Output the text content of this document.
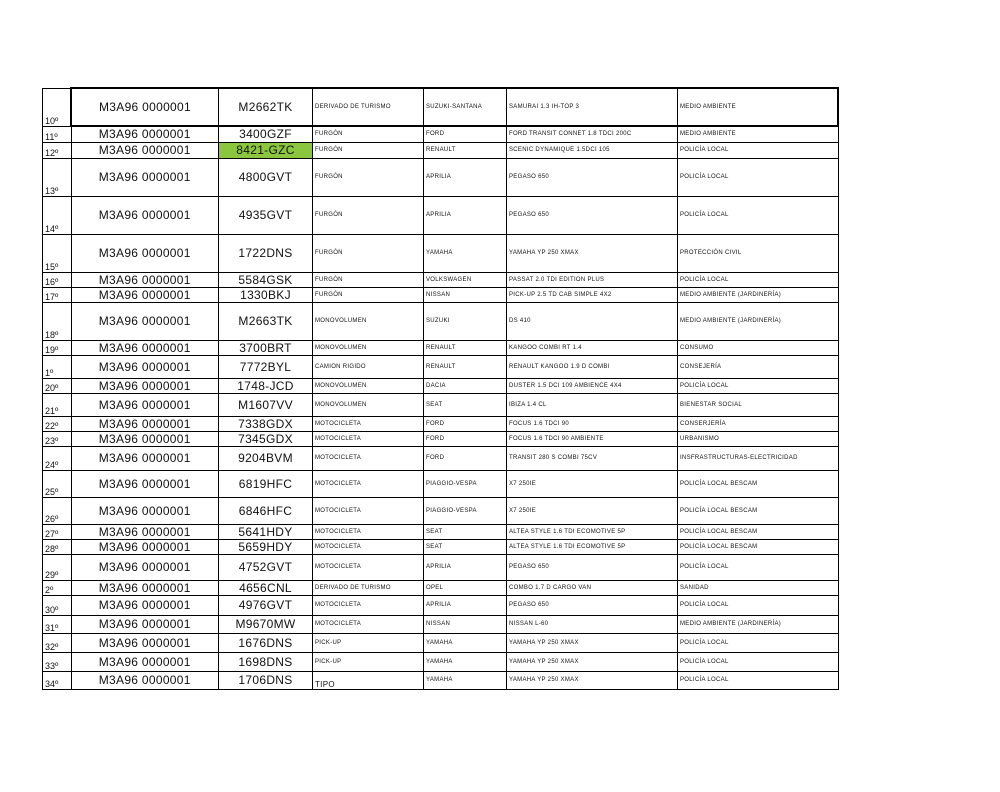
10º	M3A96 0000001	M2662TK	DERIVADO DE TURISMO	SUZUKI-SANTANA	SAMURAI 1.3 IH-TOP 3	MEDIO AMBIENTE
11º	M3A96 0000001	3400GZF	FURGÓN	FORD	FORD TRANSIT CONNET 1.8 TDCI 200C	MEDIO AMBIENTE
12º	M3A96 0000001	8421-GZC	FURGÓN	RENAULT	SCENIC DYNAMIQUE 1.5DCI 105	POLICÍA LOCAL
13º	M3A96 0000001	4800GVT	FURGÓN	APRILIA	PEGASO 650	POLICÍA LOCAL
14º	M3A96 0000001	4935GVT	FURGÓN	APRILIA	PEGASO 650	POLICÍA LOCAL
15º	M3A96 0000001	1722DNS	FURGÓN	YAMAHA	YAMAHA YP 250 XMAX	PROTECCIÓN CIVIL
16º	M3A96 0000001	5584GSK	FURGÓN	VOLKSWAGEN	PASSAT 2.0 TDI EDITION PLUS	POLICÍA LOCAL
17º	M3A96 0000001	1330BKJ	FURGÓN	NISSAN	PICK-UP 2.5 TD CAB SIMPLE 4X2	MEDIO AMBIENTE (JARDINERÍA)
18º	M3A96 0000001	M2663TK	MONOVOLUMEN	SUZUKI	DS 410	MEDIO AMBIENTE (JARDINERÍA)
19º	M3A96 0000001	3700BRT	MONOVOLUMEN	RENAULT	KANGOO COMBI RT 1.4	CONSUMO
1º	M3A96 0000001	7772BYL	CAMION RIGIDO	RENAULT	RENAULT KANGOO 1.9 D COMBI	CONSEJERÍA
20º	M3A96 0000001	1748-JCD	MONOVOLUMEN	DACIA	DUSTER 1.5 DCI 109 AMBIENCE 4X4	POLICÍA LOCAL
21º	M3A96 0000001	M1607VV	MONOVOLUMEN	SEAT	IBIZA 1.4 CL	BIENESTAR SOCIAL
22º	M3A96 0000001	7338GDX	MOTOCICLETA	FORD	FOCUS 1.6 TDCI 90	CONSERJERÍA
23º	M3A96 0000001	7345GDX	MOTOCICLETA	FORD	FOCUS 1.6 TDCI 90 AMBIENTE	URBANISMO
24º	M3A96 0000001	9204BVM	MOTOCICLETA	FORD	TRANSIT 280 S COMBI 75CV	INSFRASTRUCTURAS-ELECTRICIDAD
25º	M3A96 0000001	6819HFC	MOTOCICLETA	PIAGGIO-VESPA	X7 250IE	POLICÍA LOCAL BESCAM
26º	M3A96 0000001	6846HFC	MOTOCICLETA	PIAGGIO-VESPA	X7 250IE	POLICÍA LOCAL BESCAM
27º	M3A96 0000001	5641HDY	MOTOCICLETA	SEAT	ALTEA STYLE 1.6 TDI ECOMOTIVE 5P	POLICÍA LOCAL BESCAM
28º	M3A96 0000001	5659HDY	MOTOCICLETA	SEAT	ALTEA STYLE 1.6 TDI ECOMOTIVE 5P	POLICÍA LOCAL BESCAM
29º	M3A96 0000001	4752GVT	MOTOCICLETA	APRILIA	PEGASO 650	POLICÍA LOCAL
2º	M3A96 0000001	4656CNL	DERIVADO DE TURISMO	OPEL	COMBO 1.7 D CARGO VAN	SANIDAD
30º	M3A96 0000001	4976GVT	MOTOCICLETA	APRILIA	PEGASO 650	POLICÍA LOCAL
31º	M3A96 0000001	M9670MW	MOTOCICLETA	NISSAN	NISSAN L-60	MEDIO AMBIENTE (JARDINERÍA)
32º	M3A96 0000001	1676DNS	PICK-UP	YAMAHA	YAMAHA YP 250 XMAX	POLICÍA LOCAL
33º	M3A96 0000001	1698DNS	PICK-UP	YAMAHA	YAMAHA YP 250 XMAX	POLICÍA LOCAL
34º	M3A96 0000001	1706DNS	TIPO	YAMAHA	YAMAHA YP 250 XMAX	POLICÍA LOCAL
